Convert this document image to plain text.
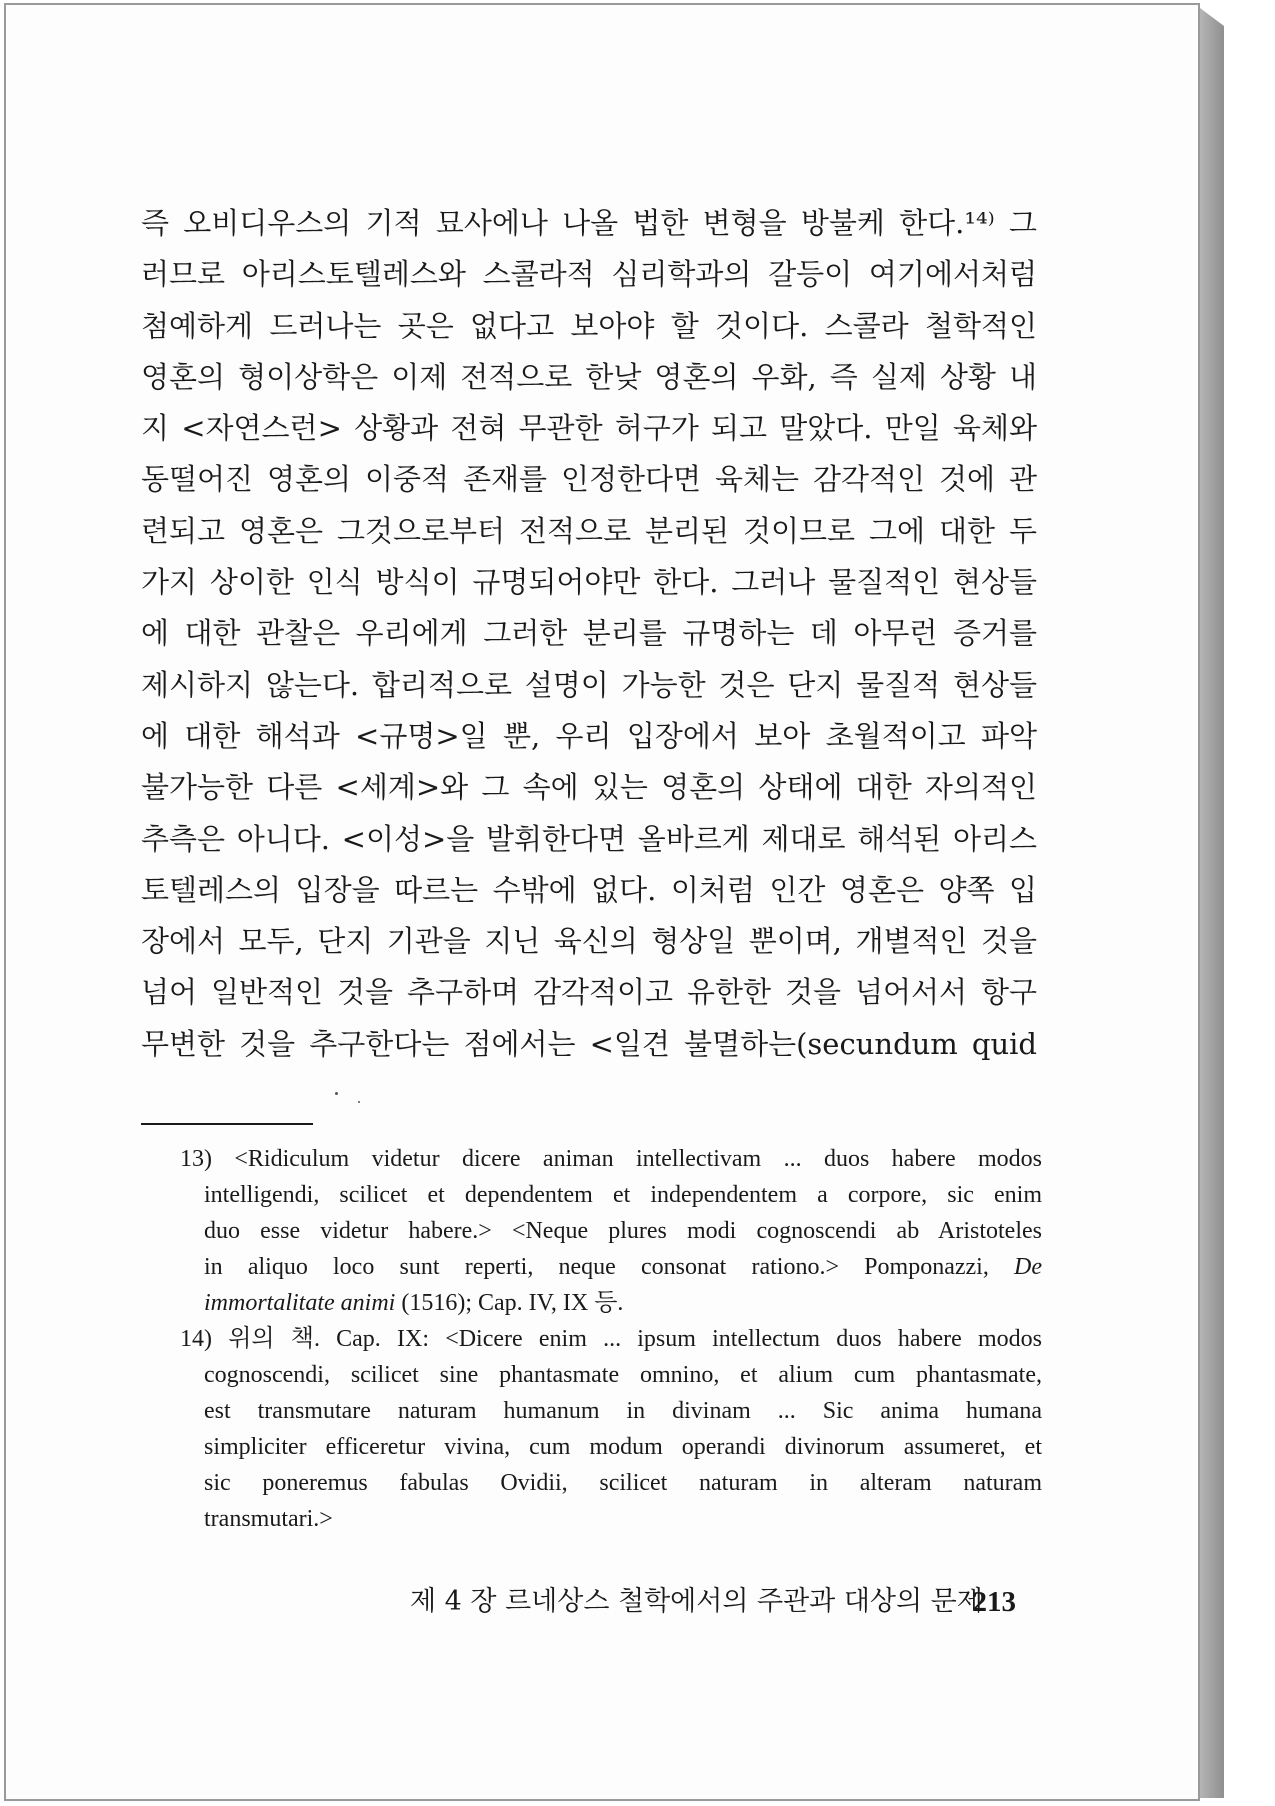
즉 오비디우스의 기적 묘사에나 나올 법한 변형을 방불케 한다.¹⁴⁾ 그
러므로 아리스토텔레스와 스콜라적 심리학과의 갈등이 여기에서처럼
첨예하게 드러나는 곳은 없다고 보아야 할 것이다. 스콜라 철학적인
영혼의 형이상학은 이제 전적으로 한낮 영혼의 우화, 즉 실제 상황 내
지 <자연스런> 상황과 전혀 무관한 허구가 되고 말았다. 만일 육체와
동떨어진 영혼의 이중적 존재를 인정한다면 육체는 감각적인 것에 관
련되고 영혼은 그것으로부터 전적으로 분리된 것이므로 그에 대한 두
가지 상이한 인식 방식이 규명되어야만 한다. 그러나 물질적인 현상들
에 대한 관찰은 우리에게 그러한 분리를 규명하는 데 아무런 증거를
제시하지 않는다. 합리적으로 설명이 가능한 것은 단지 물질적 현상들
에 대한 해석과 <규명>일 뿐, 우리 입장에서 보아 초월적이고 파악
불가능한 다른 <세계>와 그 속에 있는 영혼의 상태에 대한 자의적인
추측은 아니다. <이성>을 발휘한다면 올바르게 제대로 해석된 아리스
토텔레스의 입장을 따르는 수밖에 없다. 이처럼 인간 영혼은 양쪽 입
장에서 모두, 단지 기관을 지닌 육신의 형상일 뿐이며, 개별적인 것을
넘어 일반적인 것을 추구하며 감각적이고 유한한 것을 넘어서서 항구
무변한 것을 추구한다는 점에서는 <일견 불멸하는(secundum quid
13) <Ridiculum videtur dicere animan intellectivam ... duos habere modos
intelligendi, scilicet et dependentem et independentem a corpore, sic enim
duo esse videtur habere.> <Neque plures modi cognoscendi ab Aristoteles
in aliquo loco sunt reperti, neque consonat rationo.> Pomponazzi, De
immortalitate animi (1516); Cap. IV, IX 등.
14) 위의 책. Cap. IX: <Dicere enim ... ipsum intellectum duos habere modos
cognoscendi, scilicet sine phantasmate omnino, et alium cum phantasmate,
est transmutare naturam humanum in divinam ... Sic anima humana
simpliciter efficeretur vivina, cum modum operandi divinorum assumeret, et
sic poneremus fabulas Ovidii, scilicet naturam in alteram naturam
transmutari.>
제 4 장 르네상스 철학에서의 주관과 대상의 문제
213
